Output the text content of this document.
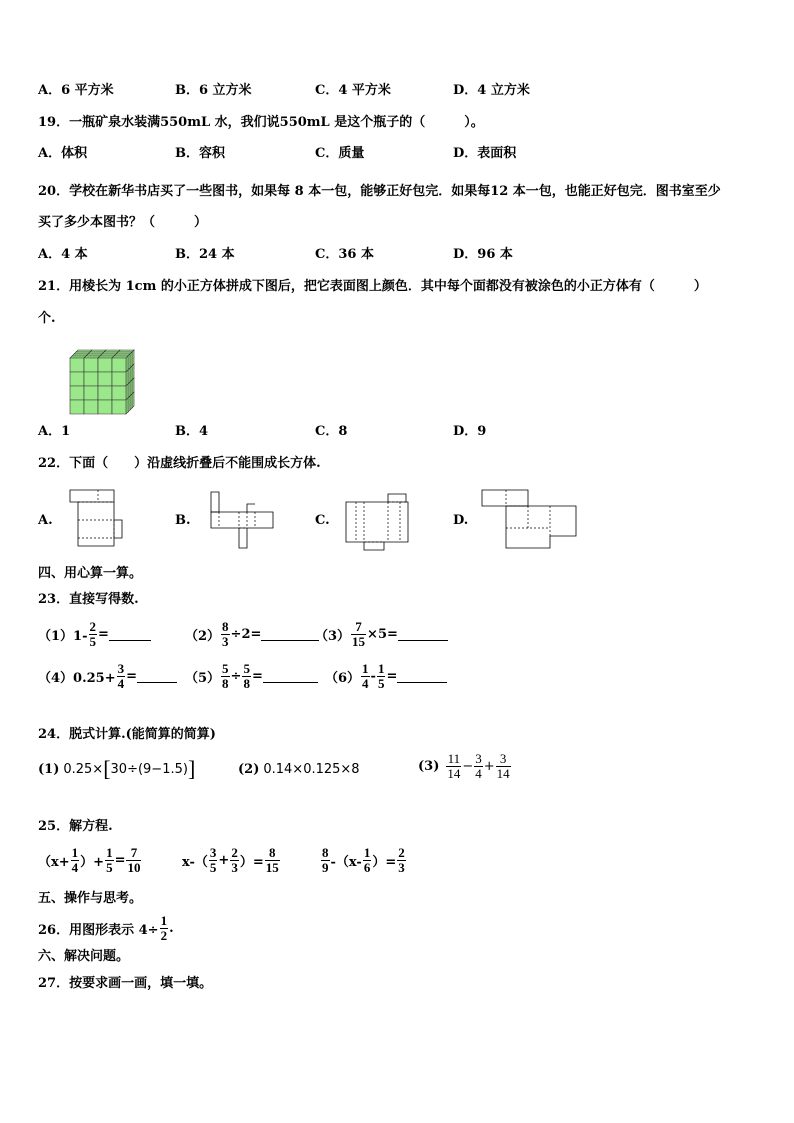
A．6 平方米	B．6 立方米	C．4 平方米	D．4 立方米
19．一瓶矿泉水装满550mL 水，我们说550mL 是这个瓶子的（　　　）。
A．体积	B．容积	C．质量	D．表面积
20．学校在新华书店买了一些图书，如果每 8 本一包，能够正好包完．如果每12 本一包，也能正好包完．图书室至少
买了多少本图书？（　　　）
A．4 本	B．24 本	C．36 本	D．96 本
21．用棱长为 1cm 的小正方体拼成下图后，把它表面图上颜色．其中每个面都没有被涂色的小正方体有（　　　）
个.
A．1	B．4	C．8	D．9
22．下面（　　）沿虚线折叠后不能围成长方体.
A.	B.	C.	D.
四、用心算一算。
23．直接写得数.
$(1)1- \frac{2}{5}$ =	$(2) \frac{8}{3} \div 2=$	$(3) \frac{7}{15} \times 5=$
$(4)0.25+ \frac{3}{4}$ =	$(5) \frac{5}{8} \div \frac{5}{8}$ =	$(6) \frac{1}{4} - \frac{1}{5}$ =
24．脱式计算.(能简算的简算)
(1) 0.25× [ 30÷(9−1.5) ]	(2) 0.14×0.125×8	$(3) \frac{11}{14} - \frac{3}{4} + \frac{3}{14}$
25．解方程.
（$x+ \frac{1}{4}$ ）+ $\frac{1}{5} = \frac{7}{10}$	$x-( \frac{3}{5} + \frac{2}{3}$ ）= $\frac{8}{15}$	$\frac{8}{9} -(x- \frac{1}{6}$ ）= $\frac{2}{3}$
五、操作与思考。
26．用图形表示 $4\div \frac{1}{2}$ .
六、解决问题。
27．按要求画一画，填一填。
